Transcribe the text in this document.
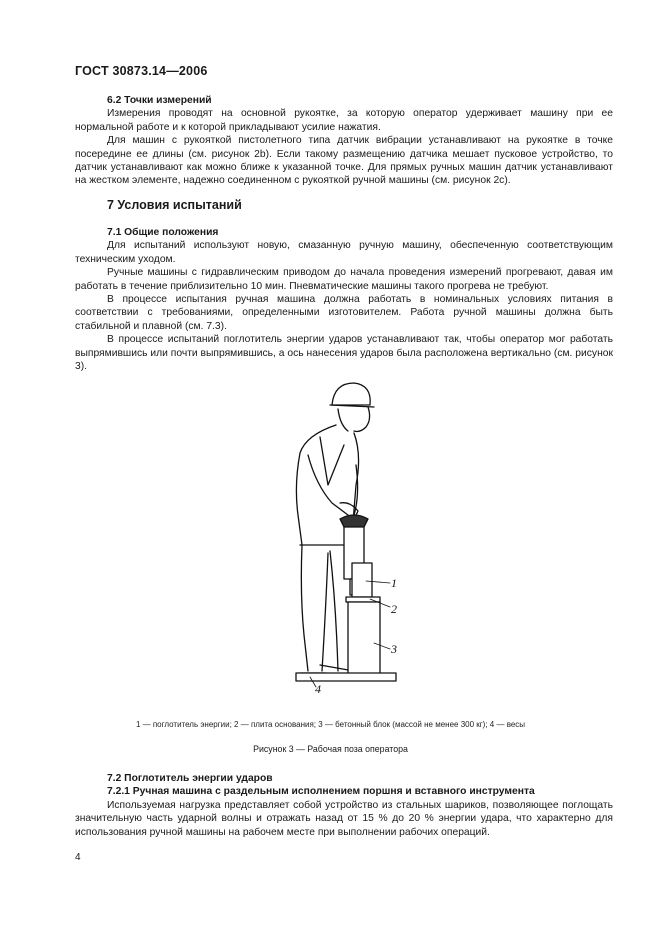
ГОСТ 30873.14—2006
6.2 Точки измерений

Измерения проводят на основной рукоятке, за которую оператор удерживает машину при ее нормальной работе и к которой прикладывают усилие нажатия.

Для машин с рукояткой пистолетного типа датчик вибрации устанавливают на рукоятке в точке посередине ее длины (см. рисунок 2b). Если такому размещению датчика мешает пусковое устройство, то датчик устанавливают как можно ближе к указанной точке. Для прямых ручных машин датчик устанавливают на жестком элементе, надежно соединенном с рукояткой ручной машины (см. рисунок 2с).

7 Условия испытаний
7.1 Общие положения

Для испытаний используют новую, смазанную ручную машину, обеспеченную соответствующим техническим уходом.

Ручные машины с гидравлическим приводом до начала проведения измерений прогревают, давая им работать в течение приблизительно 10 мин. Пневматические машины такого прогрева не требуют.

В процессе испытания ручная машина должна работать в номинальных условиях питания в соответствии с требованиями, определенными изготовителем. Работа ручной машины должна быть стабильной и плавной (см. 7.3).

В процессе испытаний поглотитель энергии ударов устанавливают так, чтобы оператор мог работать выпрямившись или почти выпрямившись, а ось нанесения ударов была расположена вертикально (см. рисунок 3).

1
2
3
4
1 — поглотитель энергии; 2 — плита основания; 3 — бетонный блок (массой не менее 300 кг); 4 — весы
Рисунок 3 — Рабочая поза оператора
7.2 Поглотитель энергии ударов
7.2.1 Ручная машина с раздельным исполнением поршня и вставного инструмента

Используемая нагрузка представляет собой устройство из стальных шариков, позволяющее поглощать значительную часть ударной волны и отражать назад от 15 % до 20 % энергии удара, что характерно для использования ручной машины на рабочем месте при выполнении рабочих операций.

4
